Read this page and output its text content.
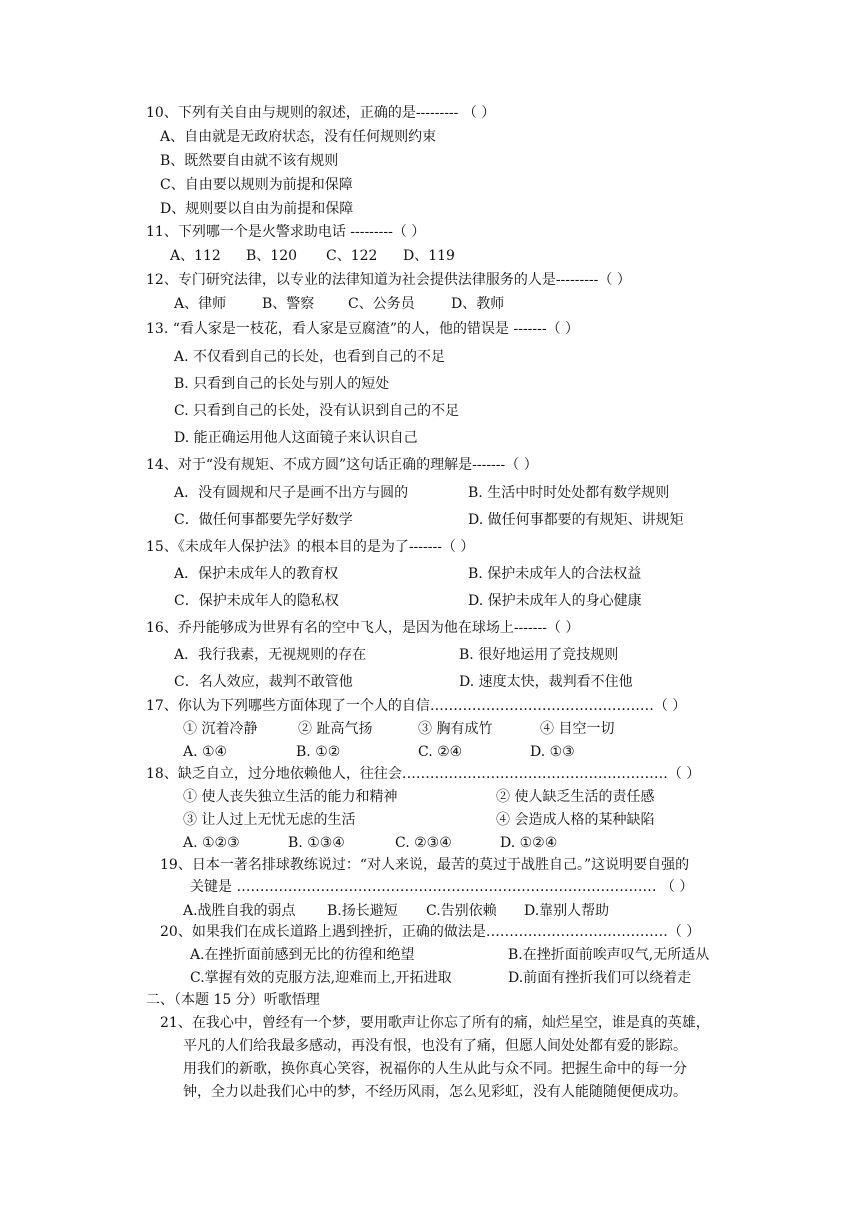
10、下列有关自由与规则的叙述，正确的是--------- （ ）
A、自由就是无政府状态，没有任何规则约束
B、既然要自由就不该有规则
C、自由要以规则为前提和保障
D、规则要以自由为前提和保障
11、下列哪一个是火警求助电话 ---------（ ）
A、112 B、120 C、122 D、119
12、专门研究法律，以专业的法律知道为社会提供法律服务的人是---------（ ）
A、律师	B、警察 C、公务员	D、教师
13. “看人家是一枝花，看人家是豆腐渣”的人，他的错误是 -------（ ）
A. 不仅看到自己的长处，也看到自己的不足
B. 只看到自己的长处与别人的短处
C. 只看到自己的长处，没有认识到自己的不足
D. 能正确运用他人这面镜子来认识自己
14、对于“没有规矩、不成方圆”这句话正确的理解是-------（ ）
A．没有圆规和尺子是画不出方与圆的	B. 生活中时时处处都有数学规则
C．做任何事都要先学好数学	D. 做任何事都要的有规矩、讲规矩
15、《未成年人保护法》的根本目的是为了-------（ ）
A．保护未成年人的教育权	B. 保护未成年人的合法权益
C．保护未成年人的隐私权	D. 保护未成年人的身心健康
16、乔丹能够成为世界有名的空中飞人，是因为他在球场上-------（ ）
A．我行我素，无视规则的存在	B. 很好地运用了竞技规则
C．名人效应，裁判不敢管他	D. 速度太快，裁判看不住他
17、你认为下列哪些方面体现了一个人的自信…………………………………………（ ）
① 沉着冷静	② 趾高气扬	③ 胸有成竹	④ 目空一切
A. ①④	B. ①②	C. ②④	D. ①③
18、缺乏自立，过分地依赖他人，往往会…………………………………………………（ ）
① 使人丧失独立生活的能力和精神	② 使人缺乏生活的责任感
③ 让人过上无忧无虑的生活	④ 会造成人格的某种缺陷
A. ①②③	B. ①③④	C. ②③④	D. ①②④
19、日本一著名排球教练说过：“对人来说，最苦的莫过于战胜自己。”这说明要自强的
关键是 ……………………………………………………………………………… （ ）
A.战胜自我的弱点 B.扬长避短 C.告别依赖 D.靠别人帮助
20、如果我们在成长道路上遇到挫折，正确的做法是…………………………………（ ）
A.在挫折面前感到无比的彷徨和绝望	B.在挫折面前唉声叹气,无所适从
C.掌握有效的克服方法,迎难而上,开拓进取	D.前面有挫折我们可以绕着走
二、（本题 15 分）听歌悟理
21、在我心中，曾经有一个梦，要用歌声让你忘了所有的痛，灿烂星空，谁是真的英雄，
平凡的人们给我最多感动，再没有恨，也没有了痛，但愿人间处处都有爱的影踪。
用我们的新歌，换你真心笑容，祝福你的人生从此与众不同。把握生命中的每一分
钟，全力以赴我们心中的梦，不经历风雨，怎么见彩虹，没有人能随随便便成功。
